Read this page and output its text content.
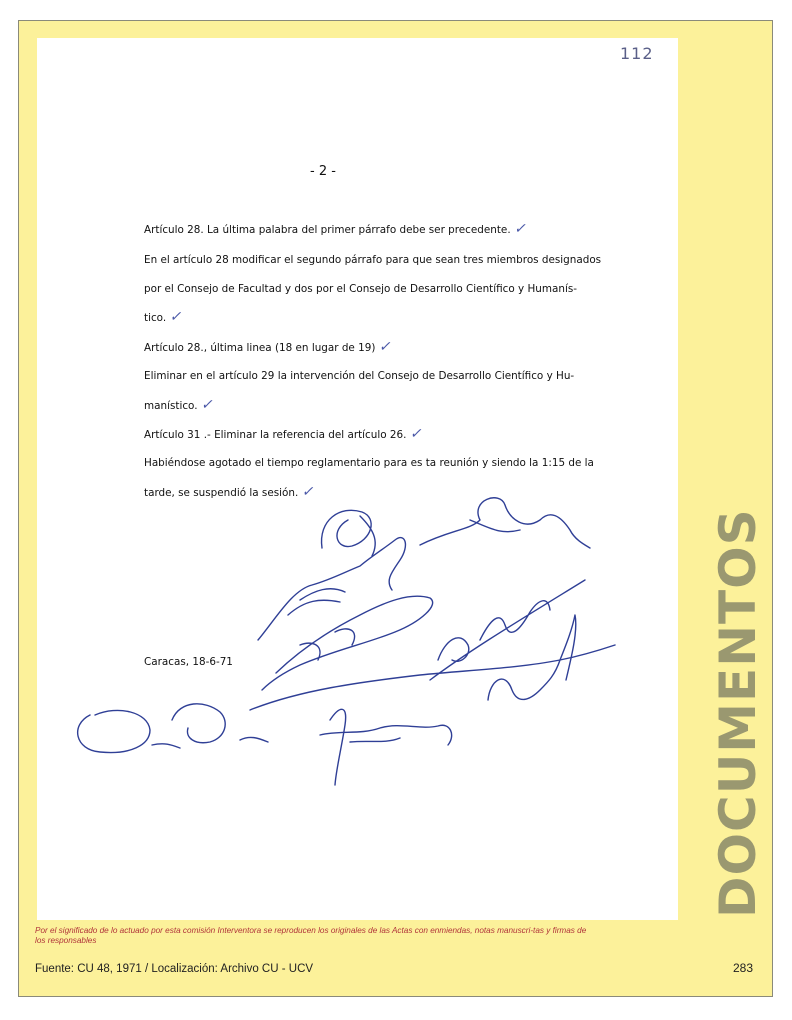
112
- 2 -
Artículo 28. La última palabra del primer párrafo debe ser precedente. ✓
En el artículo 28 modificar el segundo párrafo para que sean tres miembros designados
por el Consejo de Facultad y dos por el Consejo de Desarrollo Científico y Humanís-
tico. ✓
Artículo 28., última linea (18 en lugar de 19) ✓
Eliminar en el artículo 29 la intervención del Consejo de Desarrollo Científico y Hu-
manístico. ✓
Artículo 31 .- Eliminar la referencia del artículo 26. ✓
Habiéndose agotado el tiempo reglamentario para es ta reunión y siendo la 1:15 de la
tarde, se suspendió la sesión. ✓
Caracas, 18-6-71	DOCUMENTOS
Por el significado de lo actuado por esta comisión Interventora se reproducen los originales de las Actas con enmiendas, notas manuscri-tas y firmas de los responsables
Fuente: CU 48, 1971 / Localización: Archivo CU - UCV	283
